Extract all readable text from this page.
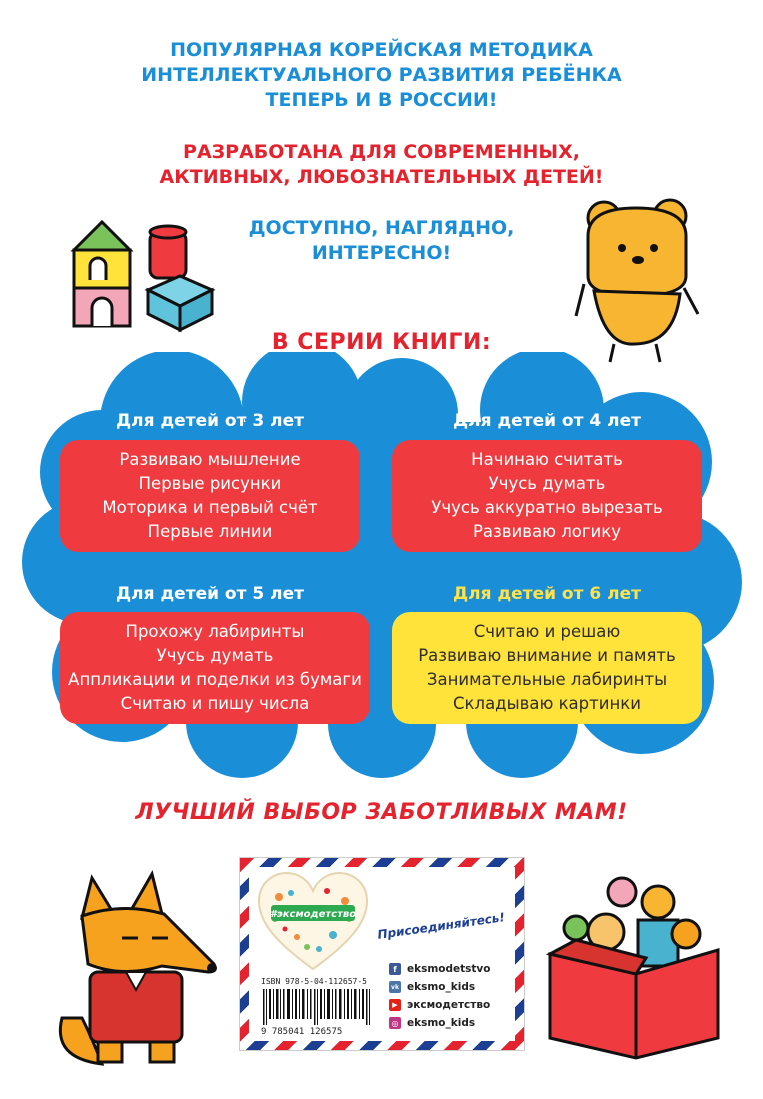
ПОПУЛЯРНАЯ КОРЕЙСКАЯ МЕТОДИКА
ИНТЕЛЛЕКТУАЛЬНОГО РАЗВИТИЯ РЕБЁНКА
ТЕПЕРЬ И В РОССИИ!
РАЗРАБОТАНА ДЛЯ СОВРЕМЕННЫХ,
АКТИВНЫХ, ЛЮБОЗНАТЕЛЬНЫХ ДЕТЕЙ!
ДОСТУПНО, НАГЛЯДНО,
ИНТЕРЕСНО!
В СЕРИИ КНИГИ:
Для детей от 3 лет
Развиваю мышление
Первые рисунки
Моторика и первый счёт
Первые линии
Для детей от 4 лет
Начинаю считать
Учусь думать
Учусь аккуратно вырезать
Развиваю логику
Для детей от 5 лет
Прохожу лабиринты
Учусь думать
Аппликации и поделки из бумаги
Считаю и пишу числа
Для детей от 6 лет
Считаю и решаю
Развиваю внимание и память
Занимательные лабиринты
Складываю картинки
ЛУЧШИЙ ВЫБОР ЗАБОТЛИВЫХ МАМ!
#эксмодетство Присоединяйтесь!
ISBN 978-5-04-112657-5
9 785041 126575
f eksmodetstvo
vk eksmo_kids
▶ эксмодетство
◎ eksmo_kids
